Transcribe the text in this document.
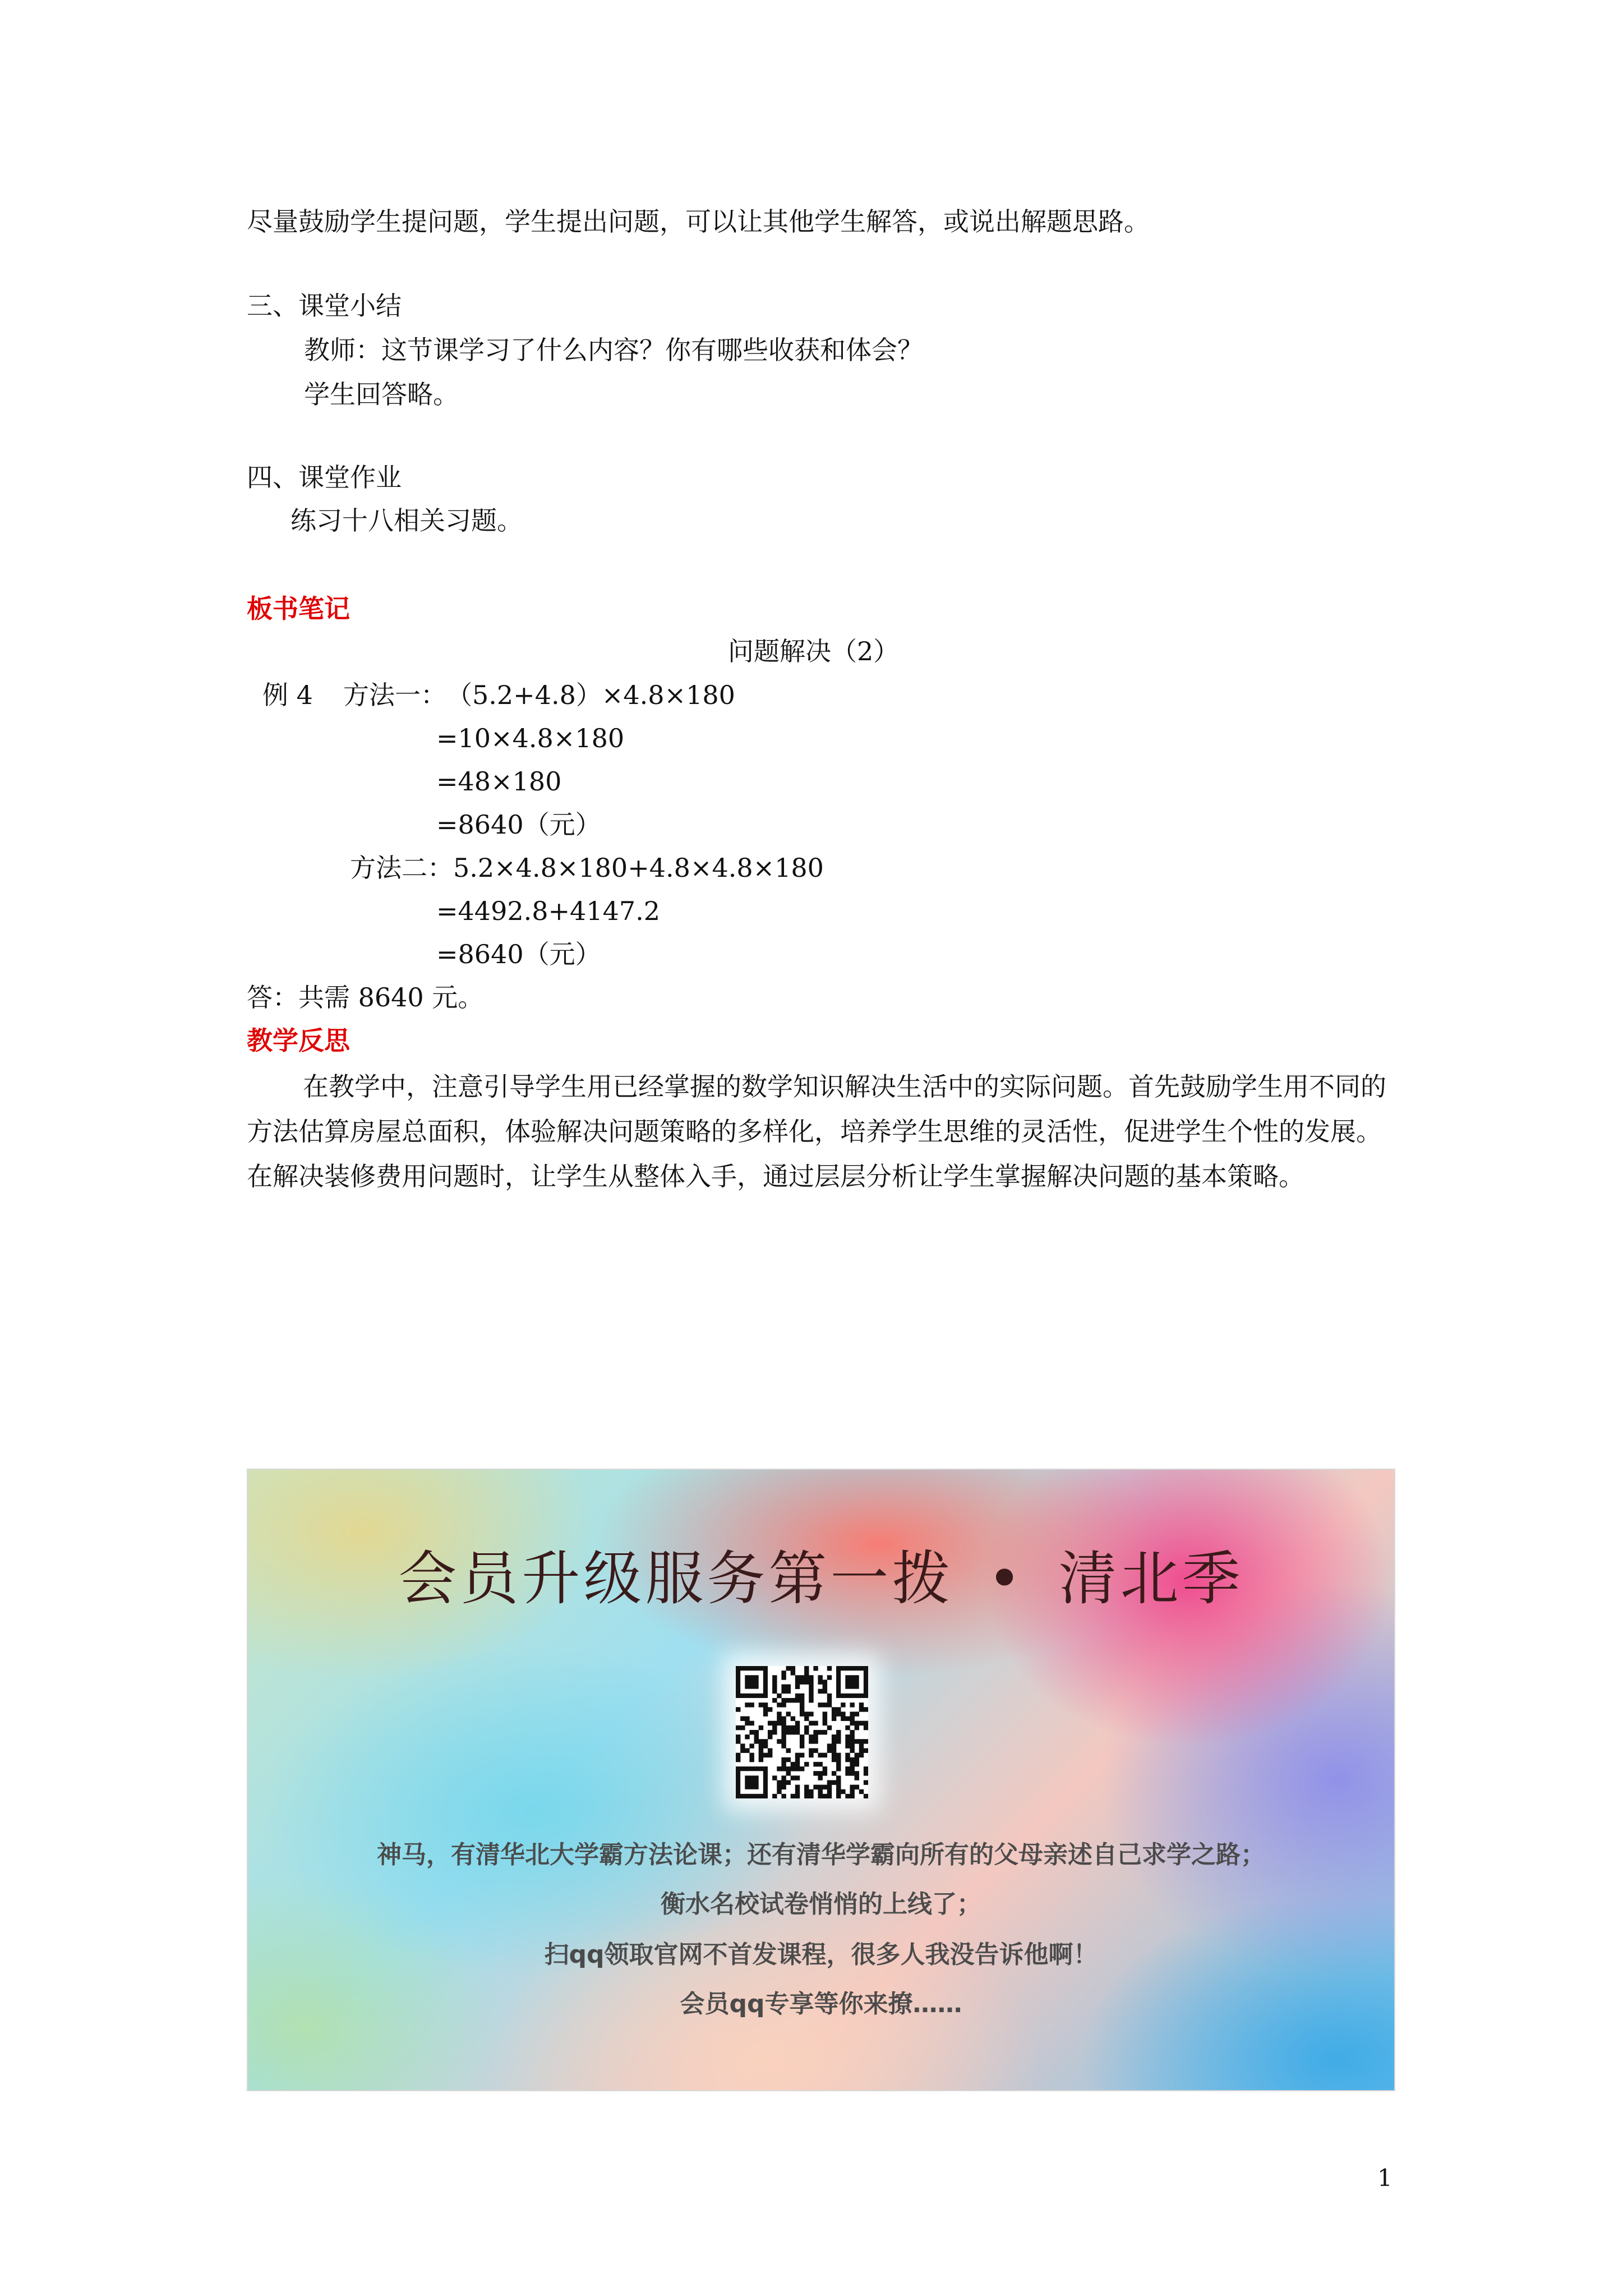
尽量鼓励学生提问题，学生提出问题，可以让其他学生解答，或说出解题思路。
三、课堂小结
教师：这节课学习了什么内容？你有哪些收获和体会？
学生回答略。
四、课堂作业
练习十八相关习题。
板书笔记
问题解决（2）
例 4 方法一： （5.2+4.8）×4.8×180
=10×4.8×180
=48×180
=8640（元）
方法二： 5.2×4.8×180+4.8×4.8×180
=4492.8+4147.2
=8640（元）
答：共需 8640 元。
教学反思
在教学中，注意引导学生用已经掌握的数学知识解决生活中的实际问题。首先鼓励学生用不同的方法估算房屋总面积，体验解决问题策略的多样化，培养学生思维的灵活性，促进学生个性的发展。在解决装修费用问题时，让学生从整体入手，通过层层分析让学生掌握解决问题的基本策略。
会员升级服务第一拨 • 清北季
神马，有清华北大学霸方法论课；还有清华学霸向所有的父母亲述自己求学之路；
衡水名校试卷悄悄的上线了；
扫qq领取官网不首发课程，很多人我没告诉他啊！
会员qq专享等你来撩……
1
